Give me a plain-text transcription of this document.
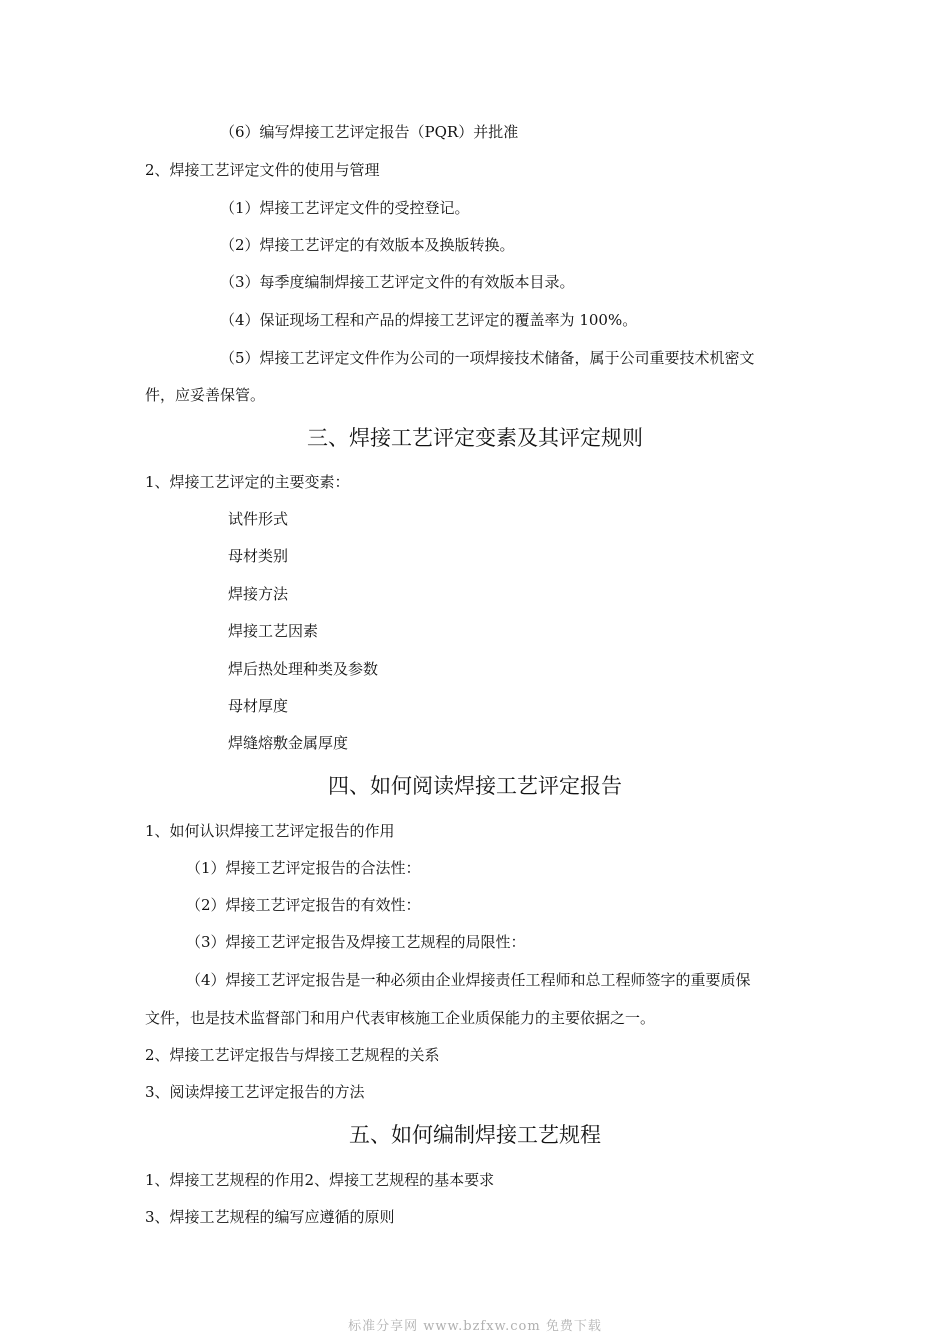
（6）编写焊接工艺评定报告（PQR）并批准

2、焊接工艺评定文件的使用与管理

（1）焊接工艺评定文件的受控登记。

（2）焊接工艺评定的有效版本及换版转换。

（3）每季度编制焊接工艺评定文件的有效版本目录。

（4）保证现场工程和产品的焊接工艺评定的覆盖率为 100%。

（5）焊接工艺评定文件作为公司的一项焊接技术储备，属于公司重要技术机密文

件，应妥善保管。

三、焊接工艺评定变素及其评定规则

1、焊接工艺评定的主要变素：

试件形式

母材类别

焊接方法

焊接工艺因素

焊后热处理种类及参数

母材厚度

焊缝熔敷金属厚度

四、如何阅读焊接工艺评定报告

1、如何认识焊接工艺评定报告的作用

（1）焊接工艺评定报告的合法性：

（2）焊接工艺评定报告的有效性：

（3）焊接工艺评定报告及焊接工艺规程的局限性：

（4）焊接工艺评定报告是一种必须由企业焊接责任工程师和总工程师签字的重要质保

文件，也是技术监督部门和用户代表审核施工企业质保能力的主要依据之一。

2、焊接工艺评定报告与焊接工艺规程的关系

3、阅读焊接工艺评定报告的方法

五、如何编制焊接工艺规程

1、焊接工艺规程的作用2、焊接工艺规程的基本要求

3、焊接工艺规程的编写应遵循的原则

标准分享网 www.bzfxw.com 免费下载
